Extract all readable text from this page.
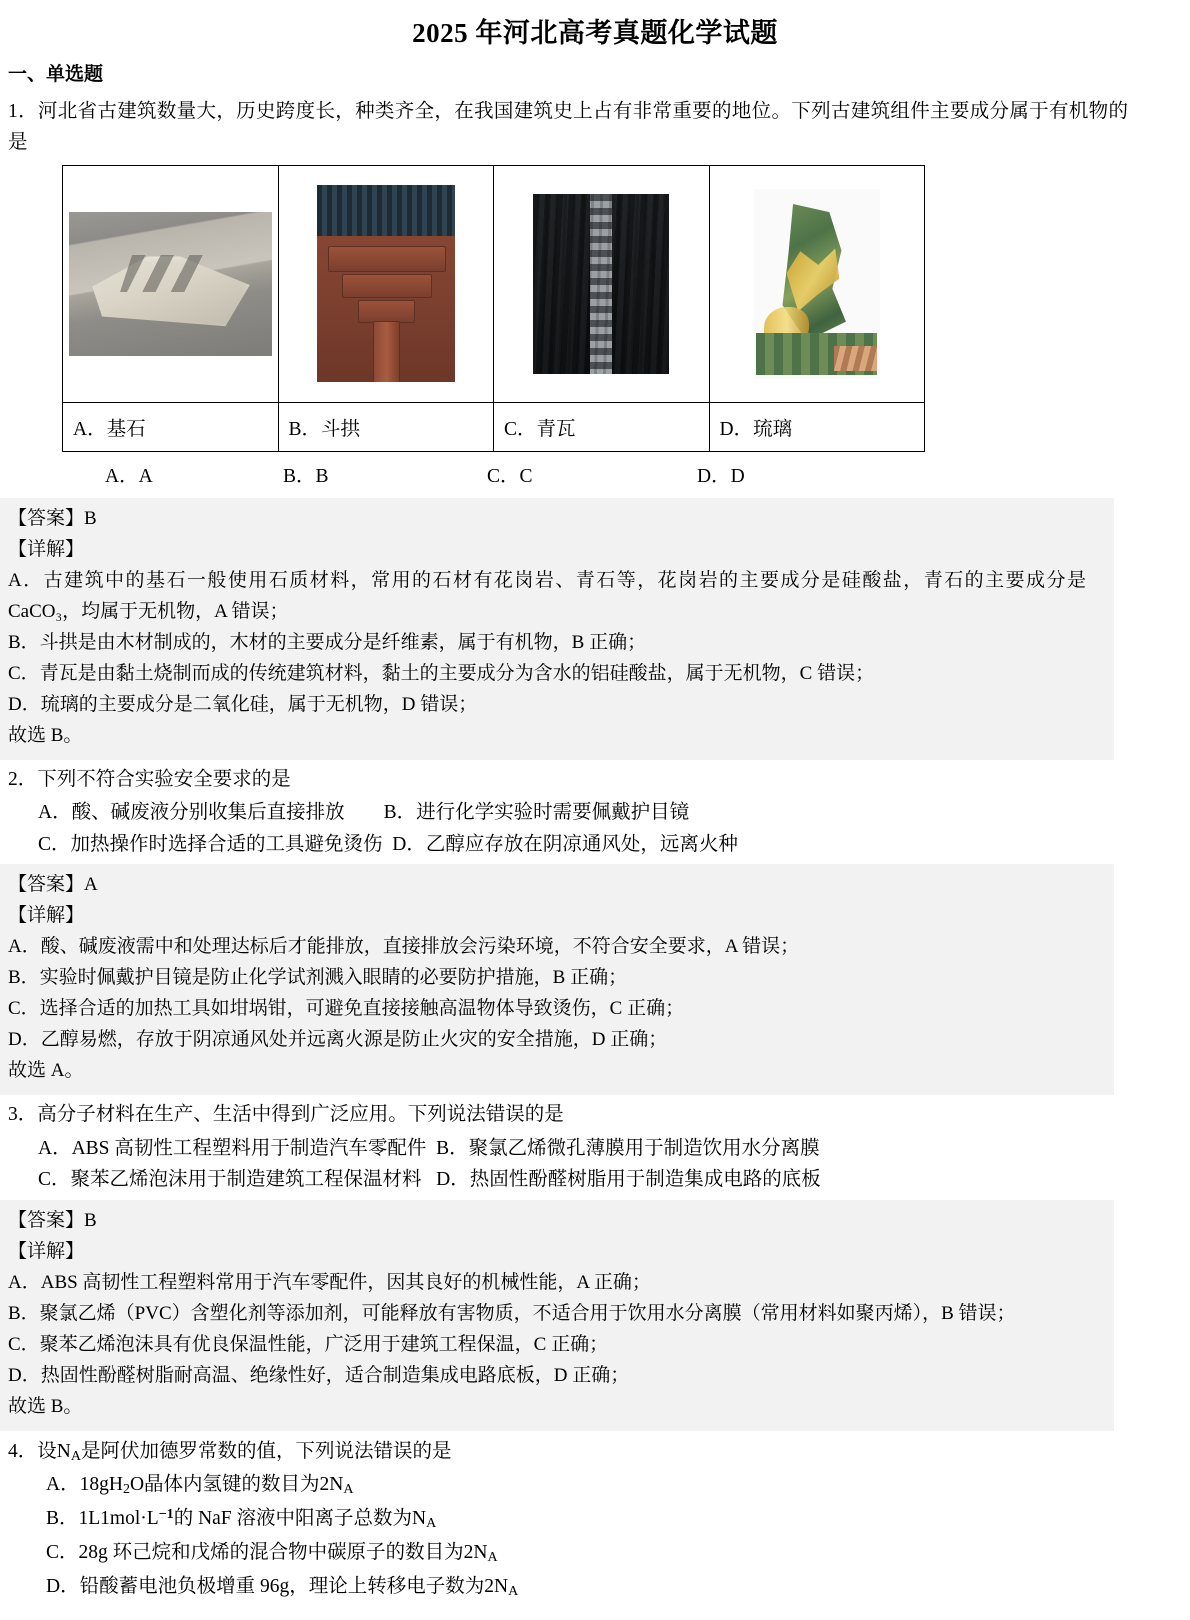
2025 年河北高考真题化学试题
一、单选题

1．河北省古建筑数量大，历史跨度长，种类齐全，在我国建筑史上占有非常重要的地位。下列古建筑组件主要成分属于有机物的是

A．基石	B．斗拱	C．青瓦	D．琉璃
A．A	B．B	C．C	D．D

【答案】B

【详解】

A．古建筑中的基石一般使用石质材料，常用的石材有花岗岩、青石等，花岗岩的主要成分是硅酸盐，青石的主要成分是 CaCO₃，均属于无机物，A 错误；

B．斗拱是由木材制成的，木材的主要成分是纤维素，属于有机物，B 正确；

C．青瓦是由黏土烧制而成的传统建筑材料，黏土的主要成分为含水的铝硅酸盐，属于无机物，C 错误；

D．琉璃的主要成分是二氧化硅，属于无机物，D 错误；

故选 B。

2．下列不符合实验安全要求的是

A．酸、碱废液分别收集后直接排放　　B．进行化学实验时需要佩戴护目镜

C．加热操作时选择合适的工具避免烫伤  D．乙醇应存放在阴凉通风处，远离火种

【答案】A

【详解】

A．酸、碱废液需中和处理达标后才能排放，直接排放会污染环境，不符合安全要求，A 错误；

B．实验时佩戴护目镜是防止化学试剂溅入眼睛的必要防护措施，B 正确；

C．选择合适的加热工具如坩埚钳，可避免直接接触高温物体导致烫伤，C 正确；

D．乙醇易燃，存放于阴凉通风处并远离火源是防止火灾的安全措施，D 正确；

故选 A。

3．高分子材料在生产、生活中得到广泛应用。下列说法错误的是

A．ABS 高韧性工程塑料用于制造汽车零配件  B．聚氯乙烯微孔薄膜用于制造饮用水分离膜

C．聚苯乙烯泡沫用于制造建筑工程保温材料   D．热固性酚醛树脂用于制造集成电路的底板

【答案】B

【详解】

A．ABS 高韧性工程塑料常用于汽车零配件，因其良好的机械性能，A 正确；

B．聚氯乙烯（PVC）含塑化剂等添加剂，可能释放有害物质，不适合用于饮用水分离膜（常用材料如聚丙烯），B 错误；

C．聚苯乙烯泡沫具有优良保温性能，广泛用于建筑工程保温，C 正确；

D．热固性酚醛树脂耐高温、绝缘性好，适合制造集成电路底板，D 正确；

故选 B。

4．设$N_A$是阿伏加德罗常数的值，下列说法错误的是

A．$18gH_2O$晶体内氢键的数目为$2N_A$

B．$1L1mol\cdot L^{-1}$的 NaF 溶液中阳离子总数为$N_A$

C．28g 环己烷和戊烯的混合物中碳原子的数目为$2N_A$

D．铅酸蓄电池负极增重 96g，理论上转移电子数为$2N_A$
